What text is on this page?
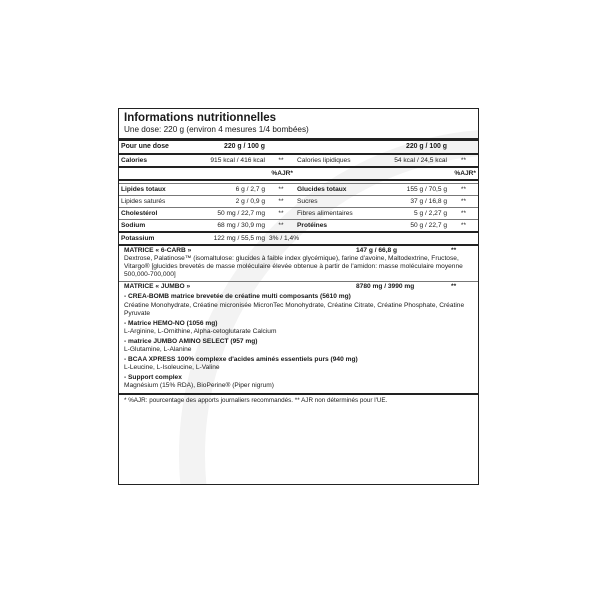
Informations nutritionnelles
Une dose: 220 g (environ 4 mesures 1/4 bombées)
Pour une dose	220 g / 100 g			220 g / 100 g	
Calories	915 kcal / 416 kcal	**	Calories lipidiques	54 kcal / 24,5 kcal	**
		%AJR*			%AJR*

Lipides totaux	6 g / 2,7 g	**	Glucides totaux	155 g / 70,5 g	**
Lipides saturés	2 g / 0,9 g	**	Sucres	37 g / 16,8 g	**
Cholestérol	50 mg / 22,7 mg	**	Fibres alimentaires	5 g / 2,27 g	**
Sodium	68 mg / 30,9 mg	**	Protéines	50 g / 22,7 g	**
Potassium	122 mg / 55,5 mg	3% / 1,4%			
MATRICE « 6-CARB »	147 g / 66,8 g	**
Dextrose, Palatinose™ (isomaltulose: glucides à faible index glycémique), farine d'avoine, Maltodextrine, Fructose, Vitargo® [glucides brevetés de masse moléculaire élevée obtenue à partir de l'amidon: masse moléculaire moyenne 500,000-700,000]
MATRICE « JUMBO »	8780 mg / 3990 mg	**
- CREA-BOMB matrice brevetée de créatine multi composants (5610 mg)
Créatine Monohydrate, Créatine micronisée MicronTec Monohydrate, Créatine Citrate, Créatine Phosphate, Créatine Pyruvate
- Matrice HEMO-NO (1056 mg)
L-Arginine, L-Ornithine, Alpha-cetoglutarate Calcium
- matrice JUMBO AMINO SELECT (957 mg)
L-Glutamine, L-Alanine
- BCAA XPRESS 100% complexe d'acides aminés essentiels purs (940 mg)
L-Leucine, L-Isoleucine, L-Valine
- Support complex
Magnésium (15% RDA), BioPerine® (Piper nigrum)
* %AJR: pourcentage des apports journaliers recommandés. ** AJR non déterminés pour l'UE.
